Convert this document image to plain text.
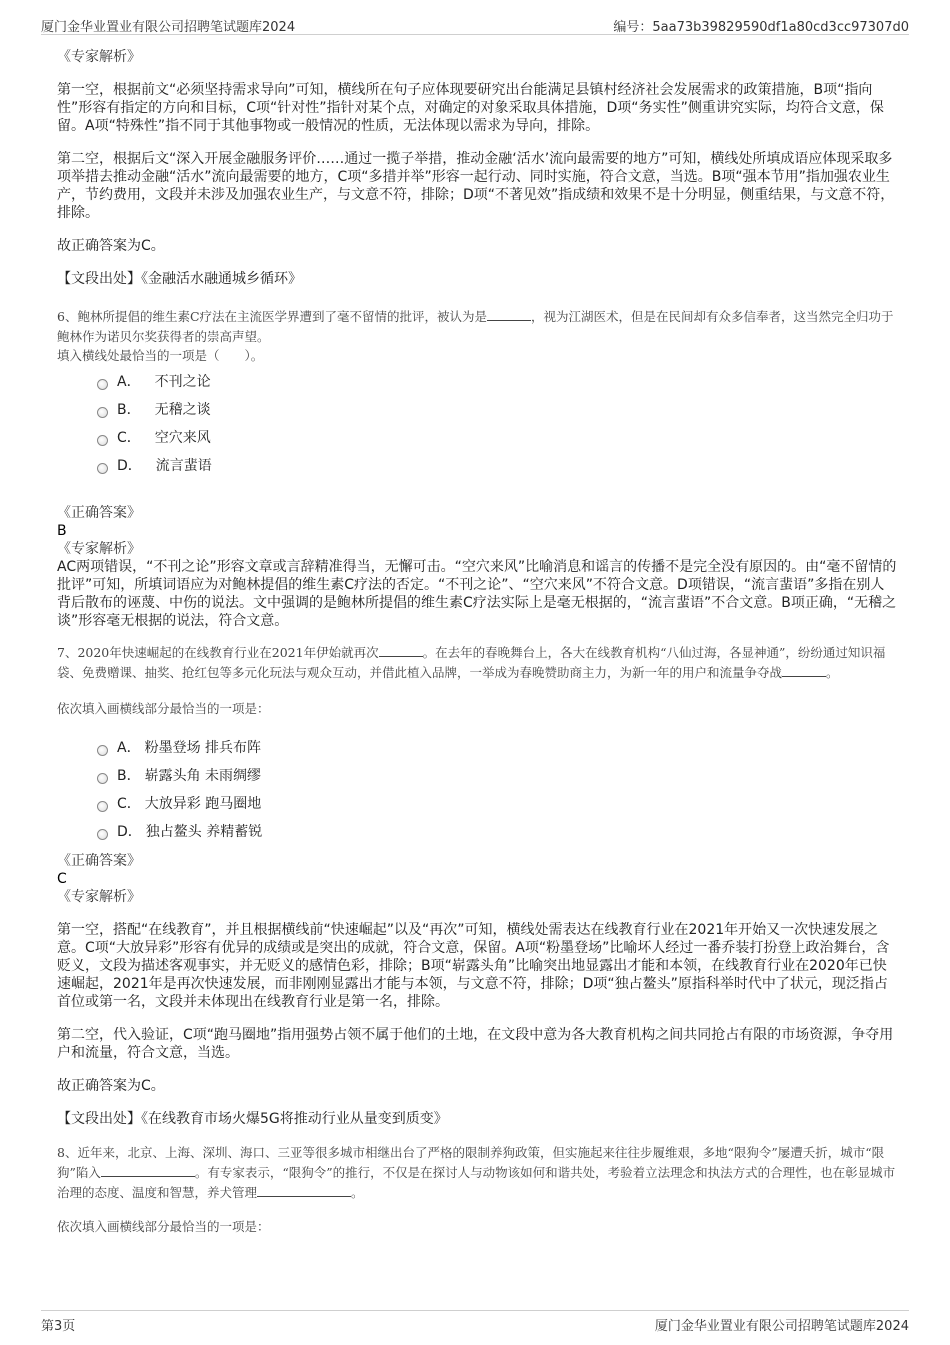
厦门金华业置业有限公司招聘笔试题库2024	编号：5aa73b39829590df1a80cd3cc97307d0

《专家解析》

第一空，根据前文“必须坚持需求导向”可知，横线所在句子应体现要研究出台能满足县镇村经济社会发展需求的政策措施，B项“指向性”形容有指定的方向和目标，C项“针对性”指针对某个点，对确定的对象采取具体措施，D项“务实性”侧重讲究实际，均符合文意，保留。A项“特殊性”指不同于其他事物或一般情况的性质，无法体现以需求为导向，排除。

第二空，根据后文“深入开展金融服务评价……通过一揽子举措，推动金融‘活水’流向最需要的地方”可知，横线处所填成语应体现采取多项举措去推动金融“活水”流向最需要的地方，C项“多措并举”形容一起行动、同时实施，符合文意，当选。B项“强本节用”指加强农业生产，节约费用，文段并未涉及加强农业生产，与文意不符，排除；D项“不著见效”指成绩和效果不是十分明显，侧重结果，与文意不符，排除。

故正确答案为C。

【文段出处】《金融活水融通城乡循环》

6、鲍林所提倡的维生素C疗法在主流医学界遭到了毫不留情的批评，被认为是	，视为江湖医术，但是在民间却有众多信奉者，这当然完全归功于鲍林作为诺贝尔奖获得者的崇高声望。

填入横线处最恰当的一项是（　　）。

A． 不刊之论
B． 无稽之谈
C． 空穴来风
D． 流言蜚语

《正确答案》

B

《专家解析》

AC两项错误，“不刊之论”形容文章或言辞精准得当，无懈可击。“空穴来风”比喻消息和谣言的传播不是完全没有原因的。由“毫不留情的批评”可知，所填词语应为对鲍林提倡的维生素C疗法的否定。“不刊之论”、“空穴来风”不符合文意。D项错误，“流言蜚语”多指在别人背后散布的诬蔑、中伤的说法。文中强调的是鲍林所提倡的维生素C疗法实际上是毫无根据的，“流言蜚语”不合文意。B项正确，“无稽之谈”形容毫无根据的说法，符合文意。

7、2020年快速崛起的在线教育行业在2021年伊始就再次	。在去年的春晚舞台上，各大在线教育机构“八仙过海，各显神通”，纷纷通过知识福袋、免费赠课、抽奖、抢红包等多元化玩法与观众互动，并借此植入品牌，一举成为春晚赞助商主力，为新一年的用户和流量争夺战	。

依次填入画横线部分最恰当的一项是：

A． 粉墨登场 排兵布阵
B． 崭露头角 未雨绸缪
C． 大放异彩 跑马圈地
D． 独占鳌头 养精蓄锐

《正确答案》

C

《专家解析》

第一空，搭配“在线教育”，并且根据横线前“快速崛起”以及“再次”可知，横线处需表达在线教育行业在2021年开始又一次快速发展之意。C项“大放异彩”形容有优异的成绩或是突出的成就，符合文意，保留。A项“粉墨登场”比喻坏人经过一番乔装打扮登上政治舞台，含贬义，文段为描述客观事实，并无贬义的感情色彩，排除；B项“崭露头角”比喻突出地显露出才能和本领，在线教育行业在2020年已快速崛起，2021年是再次快速发展，而非刚刚显露出才能与本领，与文意不符，排除；D项“独占鳌头”原指科举时代中了状元，现泛指占首位或第一名，文段并未体现出在线教育行业是第一名，排除。

第二空，代入验证，C项“跑马圈地”指用强势占领不属于他们的土地，在文段中意为各大教育机构之间共同抢占有限的市场资源，争夺用户和流量，符合文意，当选。

故正确答案为C。

【文段出处】《在线教育市场火爆5G将推动行业从量变到质变》

8、近年来，北京、上海、深圳、海口、三亚等很多城市相继出台了严格的限制养狗政策，但实施起来往往步履维艰，多地“限狗令”屡遭夭折，城市“限狗”陷入	。有专家表示，“限狗令”的推行，不仅是在探讨人与动物该如何和谐共处，考验着立法理念和执法方式的合理性，也在彰显城市治理的态度、温度和智慧，养犬管理	。

依次填入画横线部分最恰当的一项是：

第3页	厦门金华业置业有限公司招聘笔试题库2024
